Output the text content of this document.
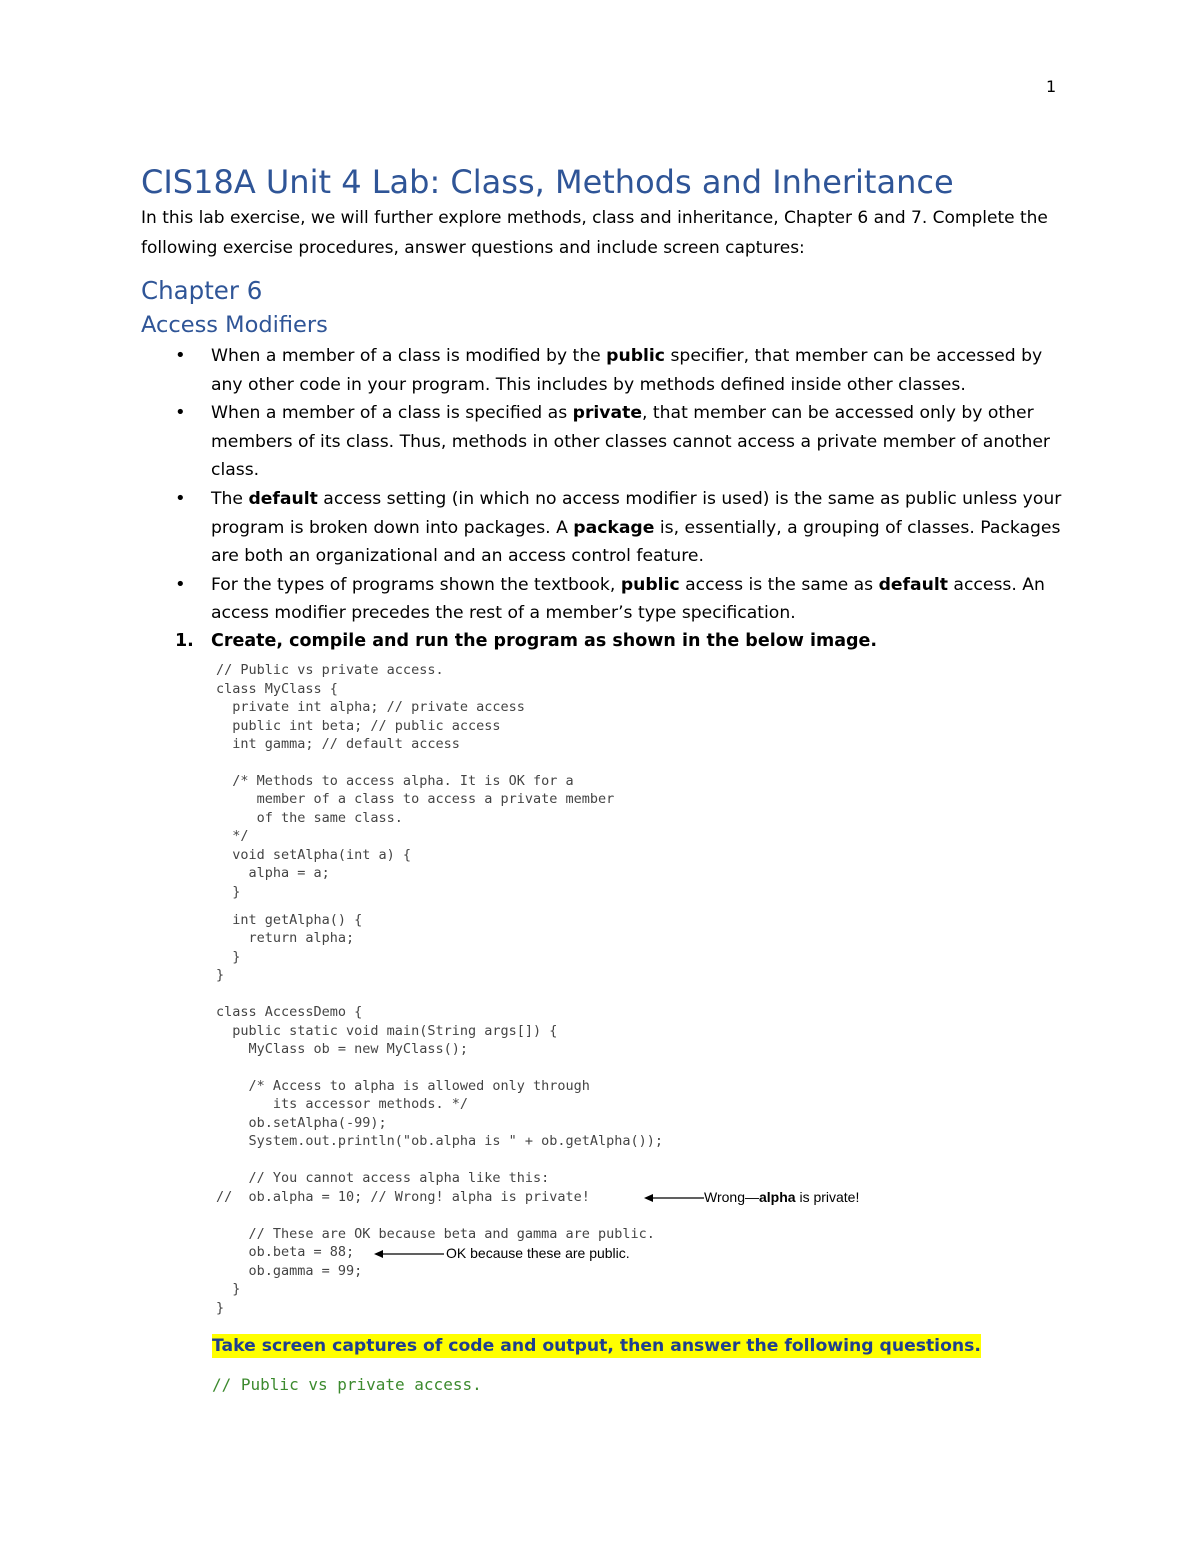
1
CIS18A Unit 4 Lab: Class, Methods and Inheritance

In this lab exercise, we will further explore methods, class and inheritance, Chapter 6 and 7. Complete the following exercise procedures, answer questions and include screen captures:

Chapter 6
Access Modifiers
• When a member of a class is modified by the public specifier, that member can be accessed by any other code in your program. This includes by methods defined inside other classes.
• When a member of a class is specified as private, that member can be accessed only by other members of its class. Thus, methods in other classes cannot access a private member of another class.
• The default access setting (in which no access modifier is used) is the same as public unless your program is broken down into packages. A package is, essentially, a grouping of classes. Packages are both an organizational and an access control feature.
• For the types of programs shown the textbook, public access is the same as default access. An access modifier precedes the rest of a member’s type specification.
1. Create, compile and run the program as shown in the below image.
// Public vs private access.
class MyClass {
private int alpha; // private access
public int beta; // public access
int gamma; // default access
/* Methods to access alpha. It is OK for a
member of a class to access a private member
of the same class.
*/
void setAlpha(int a) {
alpha = a;
}
int getAlpha() {
return alpha;
}
}
class AccessDemo {
public static void main(String args[]) {
MyClass ob = new MyClass();
/* Access to alpha is allowed only through
its accessor methods. */
ob.setAlpha(-99);
System.out.println("ob.alpha is " + ob.getAlpha());
// You cannot access alpha like this:
//  ob.alpha = 10; // Wrong! alpha is private!
// These are OK because beta and gamma are public.
ob.beta = 88;
ob.gamma = 99;
}
}
Wrong—alpha is private!
OK because these are public.
Take screen captures of code and output, then answer the following questions.
// Public vs private access.
